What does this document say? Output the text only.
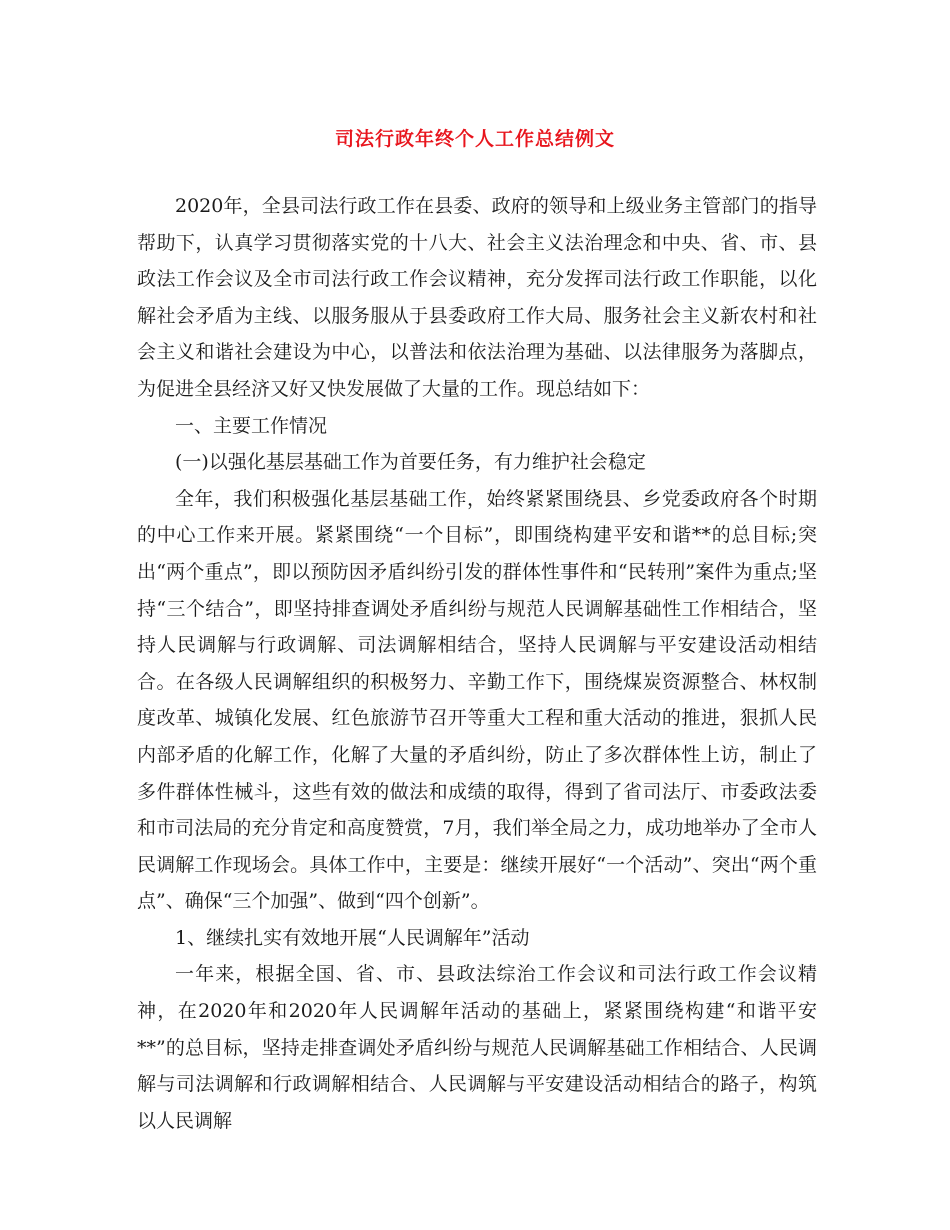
司法行政年终个人工作总结例文

2020年，全县司法行政工作在县委、政府的领导和上级业务主管部门的指导帮助下，认真学习贯彻落实党的十八大、社会主义法治理念和中央、省、市、县政法工作会议及全市司法行政工作会议精神，充分发挥司法行政工作职能，以化解社会矛盾为主线、以服务服从于县委政府工作大局、服务社会主义新农村和社会主义和谐社会建设为中心，以普法和依法治理为基础、以法律服务为落脚点，为促进全县经济又好又快发展做了大量的工作。现总结如下：

一、主要工作情况

(一)以强化基层基础工作为首要任务，有力维护社会稳定

全年，我们积极强化基层基础工作，始终紧紧围绕县、乡党委政府各个时期的中心工作来开展。紧紧围绕“一个目标”，即围绕构建平安和谐**的总目标;突出“两个重点”，即以预防因矛盾纠纷引发的群体性事件和“民转刑”案件为重点;坚持“三个结合”，即坚持排查调处矛盾纠纷与规范人民调解基础性工作相结合，坚持人民调解与行政调解、司法调解相结合，坚持人民调解与平安建设活动相结合。在各级人民调解组织的积极努力、辛勤工作下，围绕煤炭资源整合、林权制度改革、城镇化发展、红色旅游节召开等重大工程和重大活动的推进，狠抓人民内部矛盾的化解工作，化解了大量的矛盾纠纷，防止了多次群体性上访，制止了多件群体性械斗，这些有效的做法和成绩的取得，得到了省司法厅、市委政法委和市司法局的充分肯定和高度赞赏，7月，我们举全局之力，成功地举办了全市人民调解工作现场会。具体工作中，主要是：继续开展好“一个活动”、突出“两个重点”、确保“三个加强”、做到“四个创新”。

1、继续扎实有效地开展“人民调解年”活动

一年来，根据全国、省、市、县政法综治工作会议和司法行政工作会议精神，在2020年和2020年人民调解年活动的基础上，紧紧围绕构建“和谐平安**”的总目标，坚持走排查调处矛盾纠纷与规范人民调解基础工作相结合、人民调解与司法调解和行政调解相结合、人民调解与平安建设活动相结合的路子，构筑以人民调解
